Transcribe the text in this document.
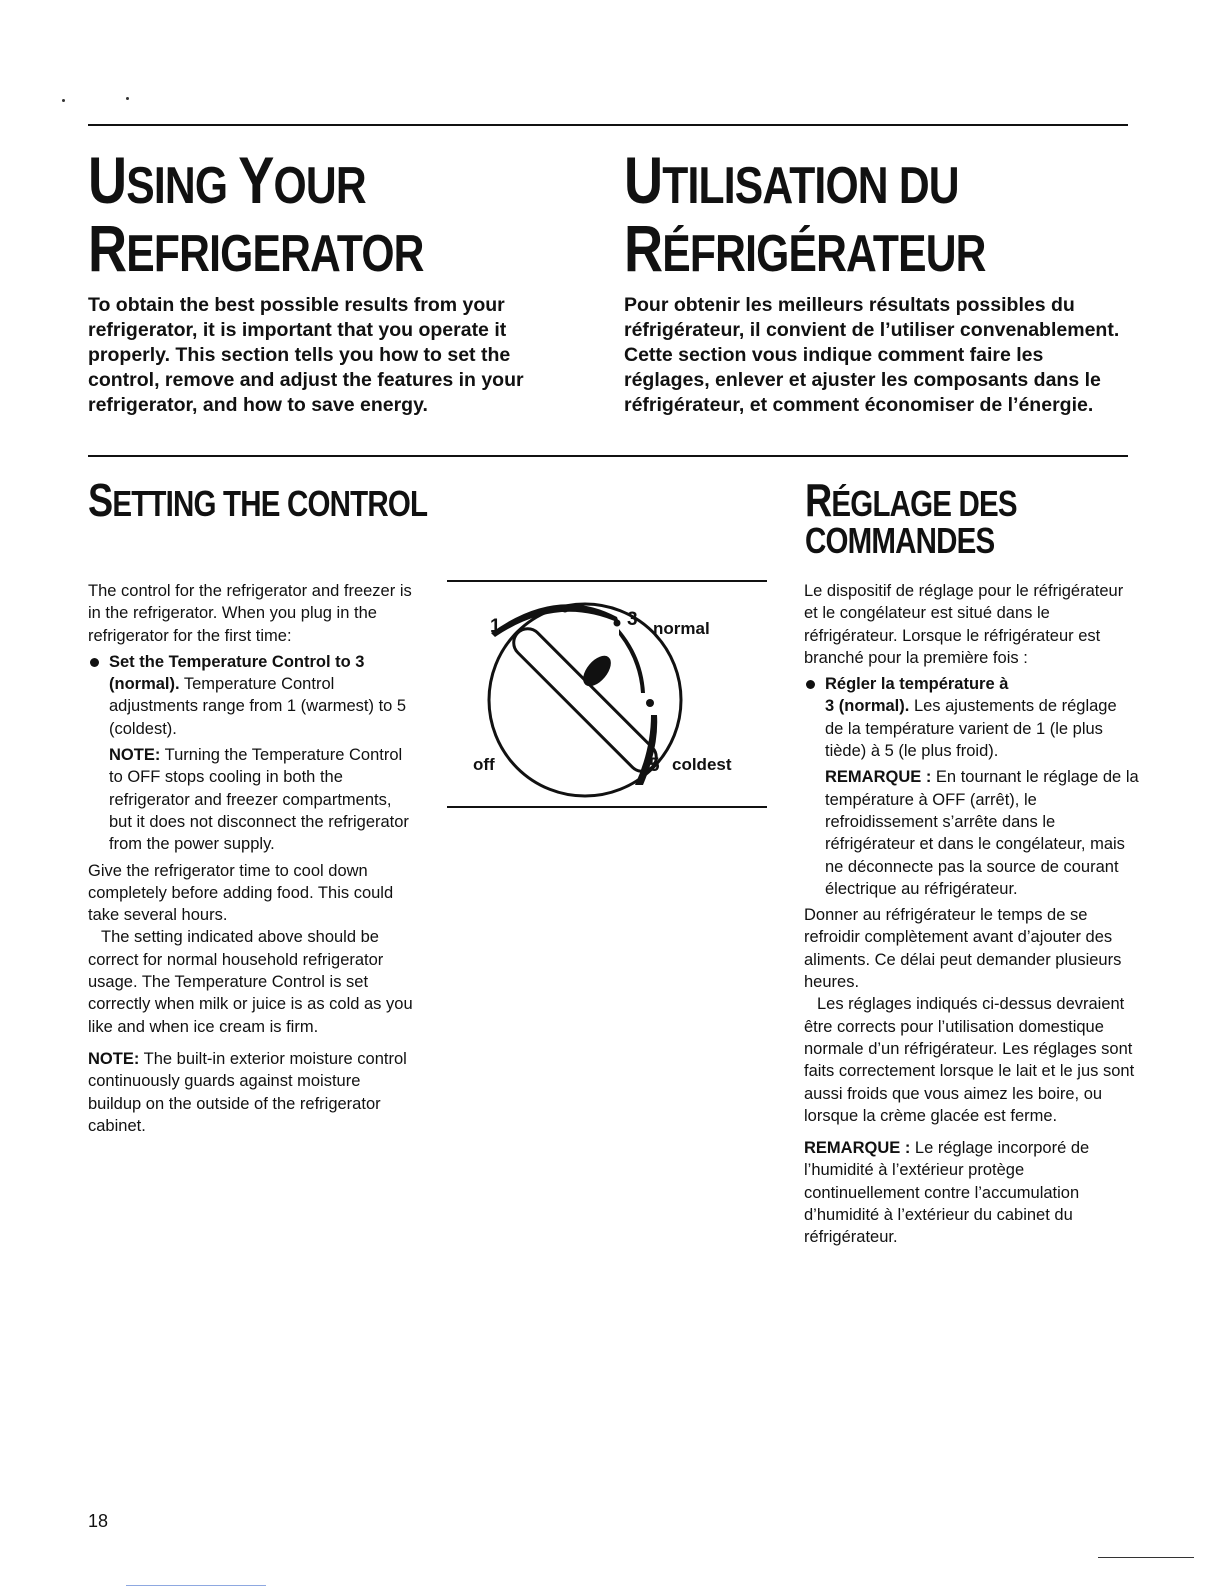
USING YOUR
REFRIGERATOR
UTILISATION DU
RÉFRIGÉRATEUR

To obtain the best possible results from your refrigerator, it is important that you operate it properly. This section tells you how to set the control, remove and adjust the features in your refrigerator, and how to save energy.

Pour obtenir les meilleurs résultats possibles du réfrigérateur, il convient de l’utiliser convenablement. Cette section vous indique comment faire les réglages, enlever et ajuster les composants dans le réfrigérateur, et comment économiser de l’énergie.

SETTING THE CONTROL	RÉGLAGE DES
COMMANDES

The control for the refrigerator and freezer is in the refrigerator. When you plug in the refrigerator for the first time:

Set the Temperature Control to 3 (normal). Temperature Control adjustments range from 1 (warmest) to 5 (coldest).

NOTE: Turning the Temperature Control to OFF stops cooling in both the refrigerator and freezer compartments, but it does not disconnect the refrigerator from the power supply.

Give the refrigerator time to cool down completely before adding food. This could take several hours.

The setting indicated above should be correct for normal household refrigerator usage. The Temperature Control is set correctly when milk or juice is as cold as you like and when ice cream is firm.

NOTE: The built-in exterior moisture control continuously guards against moisture buildup on the outside of the refrigerator cabinet.

1	3 normal
off	5 coldest

Le dispositif de réglage pour le réfrigérateur et le congélateur est situé dans le réfrigérateur. Lorsque le réfrigérateur est branché pour la première fois :

Régler la température à
3 (normal). Les ajustements de réglage de la température varient de 1 (le plus tiède) à 5 (le plus froid).

REMARQUE : En tournant le réglage de la température à OFF (arrêt), le refroidissement s’arrête dans le réfrigérateur et dans le congélateur, mais ne déconnecte pas la source de courant électrique au réfrigérateur.

Donner au réfrigérateur le temps de se refroidir complètement avant d’ajouter des aliments. Ce délai peut demander plusieurs heures.

Les réglages indiqués ci-dessus devraient être corrects pour l’utilisation domestique normale d’un réfrigérateur. Les réglages sont faits correctement lorsque le lait et le jus sont aussi froids que vous aimez les boire, ou lorsque la crème glacée est ferme.

REMARQUE : Le réglage incorporé de l’humidité à l’extérieur protège continuellement contre l’accumulation d’humidité à l’extérieur du cabinet du réfrigérateur.

18
